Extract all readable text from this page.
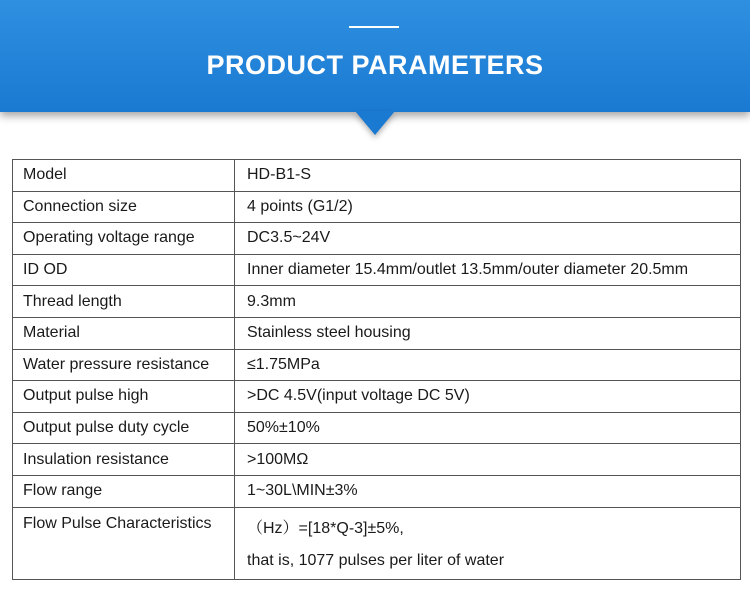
PRODUCT PARAMETERS
Model	HD-B1-S
Connection size	4 points (G1/2)
Operating voltage range	DC3.5~24V
ID OD	Inner diameter 15.4mm/outlet 13.5mm/outer diameter 20.5mm
Thread length	9.3mm
Material	Stainless steel housing
Water pressure resistance	≤1.75MPa
Output pulse high	>DC 4.5V(input voltage DC 5V)
Output pulse duty cycle	50%±10%
Insulation resistance	>100MΩ
Flow range	1~30L\MIN±3%
Flow Pulse Characteristics	（Hz）=[18*Q-3]±5%,
that is, 1077 pulses per liter of water
